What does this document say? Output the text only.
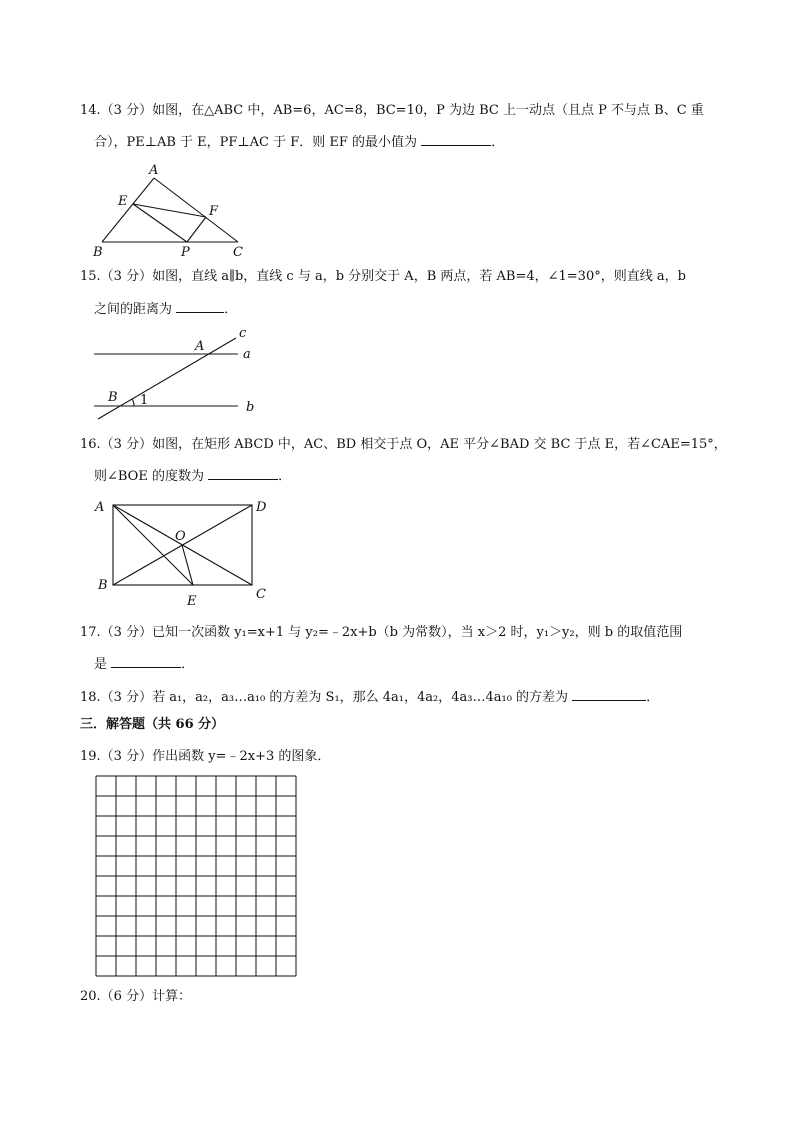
14.（3 分）如图，在△ABC 中，AB=6，AC=8，BC=10，P 为边 BC 上一动点（且点 P 不与点 B、C 重
合），PE⊥AB 于 E，PF⊥AC 于 F．则 EF 的最小值为	．
A
E
F
B	P	C
15.（3 分）如图，直线 a∥b，直线 c 与 a，b 分别交于 A，B 两点，若 AB=4，∠1=30°，则直线 a，b
之间的距离为	．
c
A
a
B 1	b
16.（3 分）如图，在矩形 ABCD 中，AC、BD 相交于点 O，AE 平分∠BAD 交 BC 于点 E，若∠CAE=15°，
则∠BOE 的度数为	．
A	D
O
B
C
E
17.（3 分）已知一次函数 y₁=x+1 与 y₂=﹣2x+b（b 为常数），当 x＞2 时，y₁＞y₂，则 b 的取值范围
是	．
18.（3 分）若 a₁，a₂，a₃…a₁₀ 的方差为 S₁，那么 4a₁，4a₂，4a₃…4a₁₀ 的方差为	．
三．解答题（共 66 分）
19.（3 分）作出函数 y=﹣2x+3 的图象．
20.（6 分）计算：
